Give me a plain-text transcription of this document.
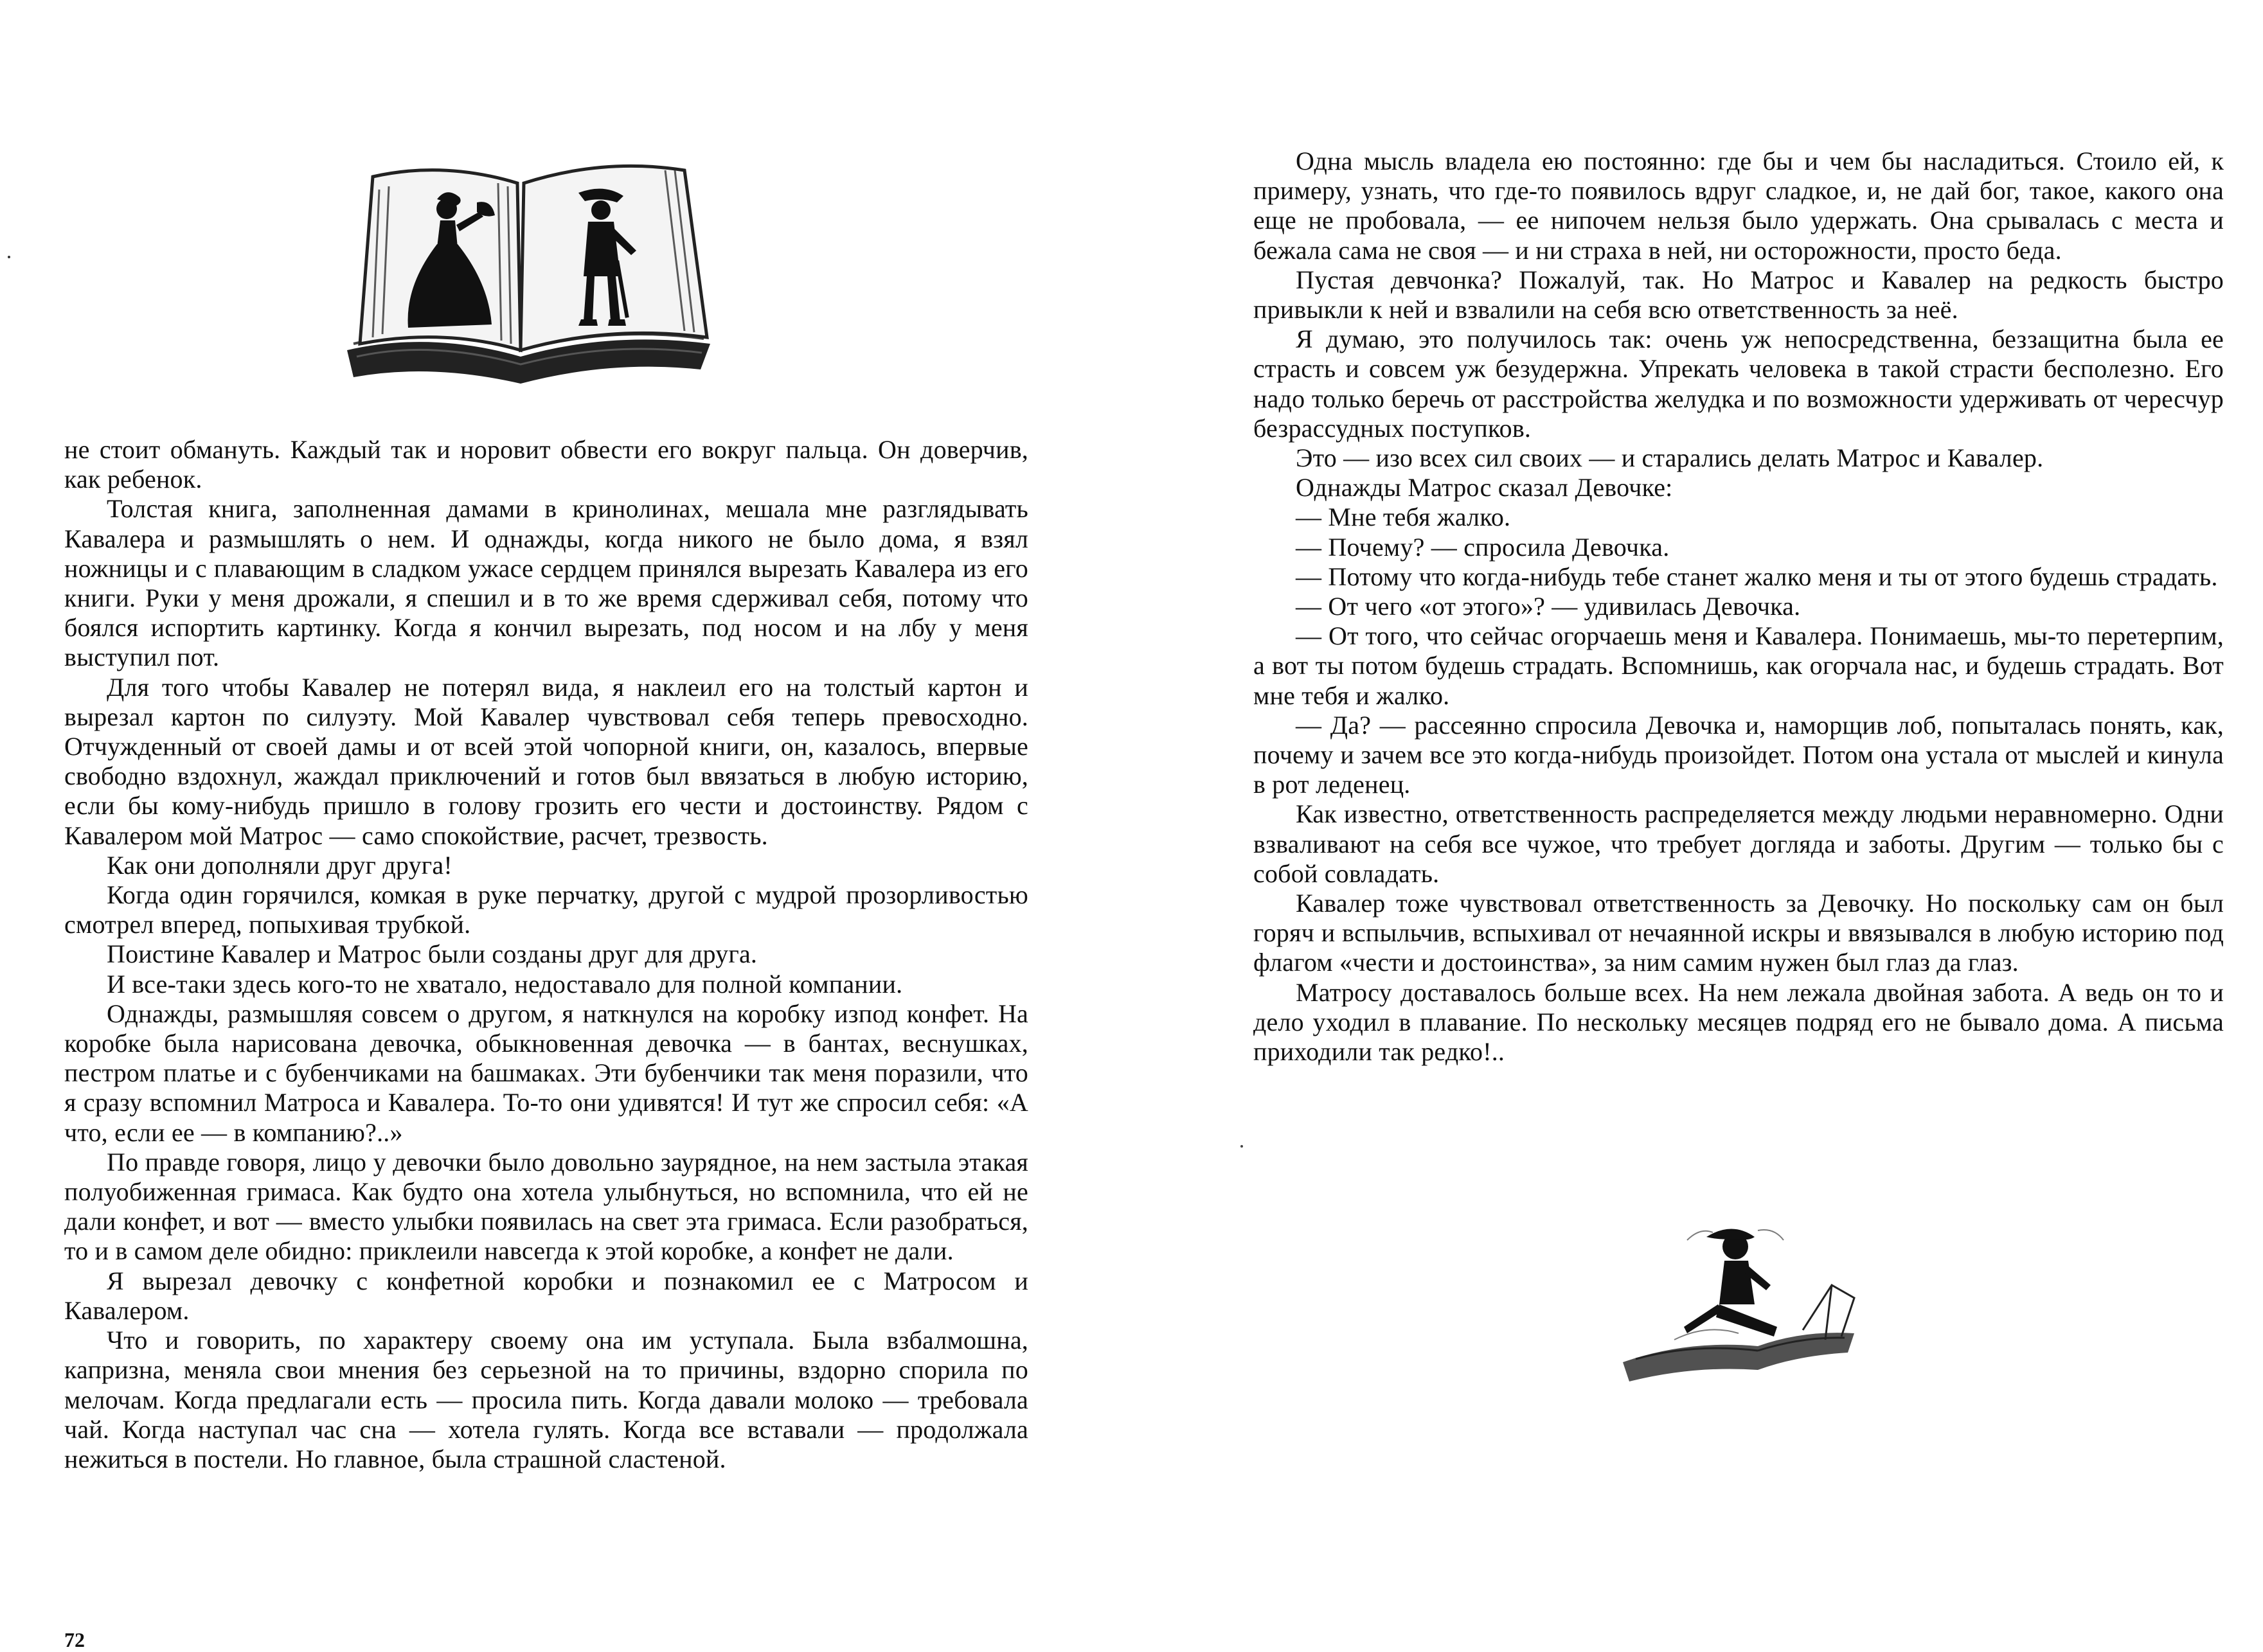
не стоит обмануть. Каждый так и норовит обвести его вокруг пальца. Он доверчив, как ребенок.

Толстая книга, заполненная дамами в кринолинах, мешала мне разглядывать Кавалера и размышлять о нем. И однажды, когда никого не было дома, я взял ножницы и с плавающим в сладком ужасе сердцем принялся вырезать Кавалера из его книги. Руки у меня дрожали, я спешил и в то же время сдерживал себя, потому что боялся испортить картинку. Когда я кончил вырезать, под носом и на лбу у меня выступил пот.

Для того чтобы Кавалер не потерял вида, я наклеил его на толстый картон и вырезал картон по силуэту. Мой Кавалер чувствовал себя теперь превосходно. Отчужденный от своей дамы и от всей этой чопорной книги, он, казалось, впервые свободно вздохнул, жаждал приключений и готов был ввязаться в любую историю, если бы кому-нибудь пришло в голову грозить его чести и достоинству. Рядом с Кавалером мой Матрос — само спокойствие, расчет, трезвость.

Как они дополняли друг друга!

Когда один горячился, комкая в руке перчатку, другой с мудрой прозорливостью смотрел вперед, попыхивая трубкой.

Поистине Кавалер и Матрос были созданы друг для друга.

И все-таки здесь кого-то не хватало, недоставало для полной компании.

Однажды, размышляя совсем о другом, я наткнулся на коробку изпод конфет. На коробке была нарисована девочка, обыкновенная девочка — в бантах, веснушках, пестром платье и с бубенчиками на башмаках. Эти бубенчики так меня поразили, что я сразу вспомнил Матроса и Кавалера. То-то они удивятся! И тут же спросил себя: «А что, если ее — в компанию?..»

По правде говоря, лицо у девочки было довольно заурядное, на нем застыла этакая полуобиженная гримаса. Как будто она хотела улыбнуться, но вспомнила, что ей не дали конфет, и вот — вместо улыбки появилась на свет эта гримаса. Если разобраться, то и в самом деле обидно: приклеили навсегда к этой коробке, а конфет не дали.

Я вырезал девочку с конфетной коробки и познакомил ее с Матросом и Кавалером.

Что и говорить, по характеру своему она им уступала. Была взбалмошна, капризна, меняла свои мнения без серьезной на то причины, вздорно спорила по мелочам. Когда предлагали есть — просила пить. Когда давали молоко — требовала чай. Когда наступал час сна — хотела гулять. Когда все вставали — продолжала нежиться в постели. Но главное, была страшной сластеной.

72

Одна мысль владела ею постоянно: где бы и чем бы насладиться. Стоило ей, к примеру, узнать, что где-то появилось вдруг сладкое, и, не дай бог, такое, какого она еще не пробовала, — ее нипочем нельзя было удержать. Она срывалась с места и бежала сама не своя — и ни страха в ней, ни осторожности, просто беда.

Пустая девчонка? Пожалуй, так. Но Матрос и Кавалер на редкость быстро привыкли к ней и взвалили на себя всю ответственность за неё.

Я думаю, это получилось так: очень уж непосредственна, беззащитна была ее страсть и совсем уж безудержна. Упрекать человека в такой страсти бесполезно. Его надо только беречь от расстройства желудка и по возможности удерживать от чересчур безрассудных поступков.

Это — изо всех сил своих — и старались делать Матрос и Кавалер.

Однажды Матрос сказал Девочке:

— Мне тебя жалко.

— Почему? — спросила Девочка.

— Потому что когда-нибудь тебе станет жалко меня и ты от этого будешь страдать.

— От чего «от этого»? — удивилась Девочка.

— От того, что сейчас огорчаешь меня и Кавалера. Понимаешь, мы-то перетерпим, а вот ты потом будешь страдать. Вспомнишь, как огорчала нас, и будешь страдать. Вот мне тебя и жалко.

— Да? — рассеянно спросила Девочка и, наморщив лоб, попыталась понять, как, почему и зачем все это когда-нибудь произойдет. Потом она устала от мыслей и кинула в рот леденец.

Как известно, ответственность распределяется между людьми неравномерно. Одни взваливают на себя все чужое, что требует догляда и заботы. Другим — только бы с собой совладать.

Кавалер тоже чувствовал ответственность за Девочку. Но поскольку сам он был горяч и вспыльчив, вспыхивал от нечаянной искры и ввязывался в любую историю под флагом «чести и достоинства», за ним самим нужен был глаз да глаз.

Матросу доставалось больше всех. На нем лежала двойная забота. А ведь он то и дело уходил в плавание. По нескольку месяцев подряд его не бывало дома. А письма приходили так редко!..
